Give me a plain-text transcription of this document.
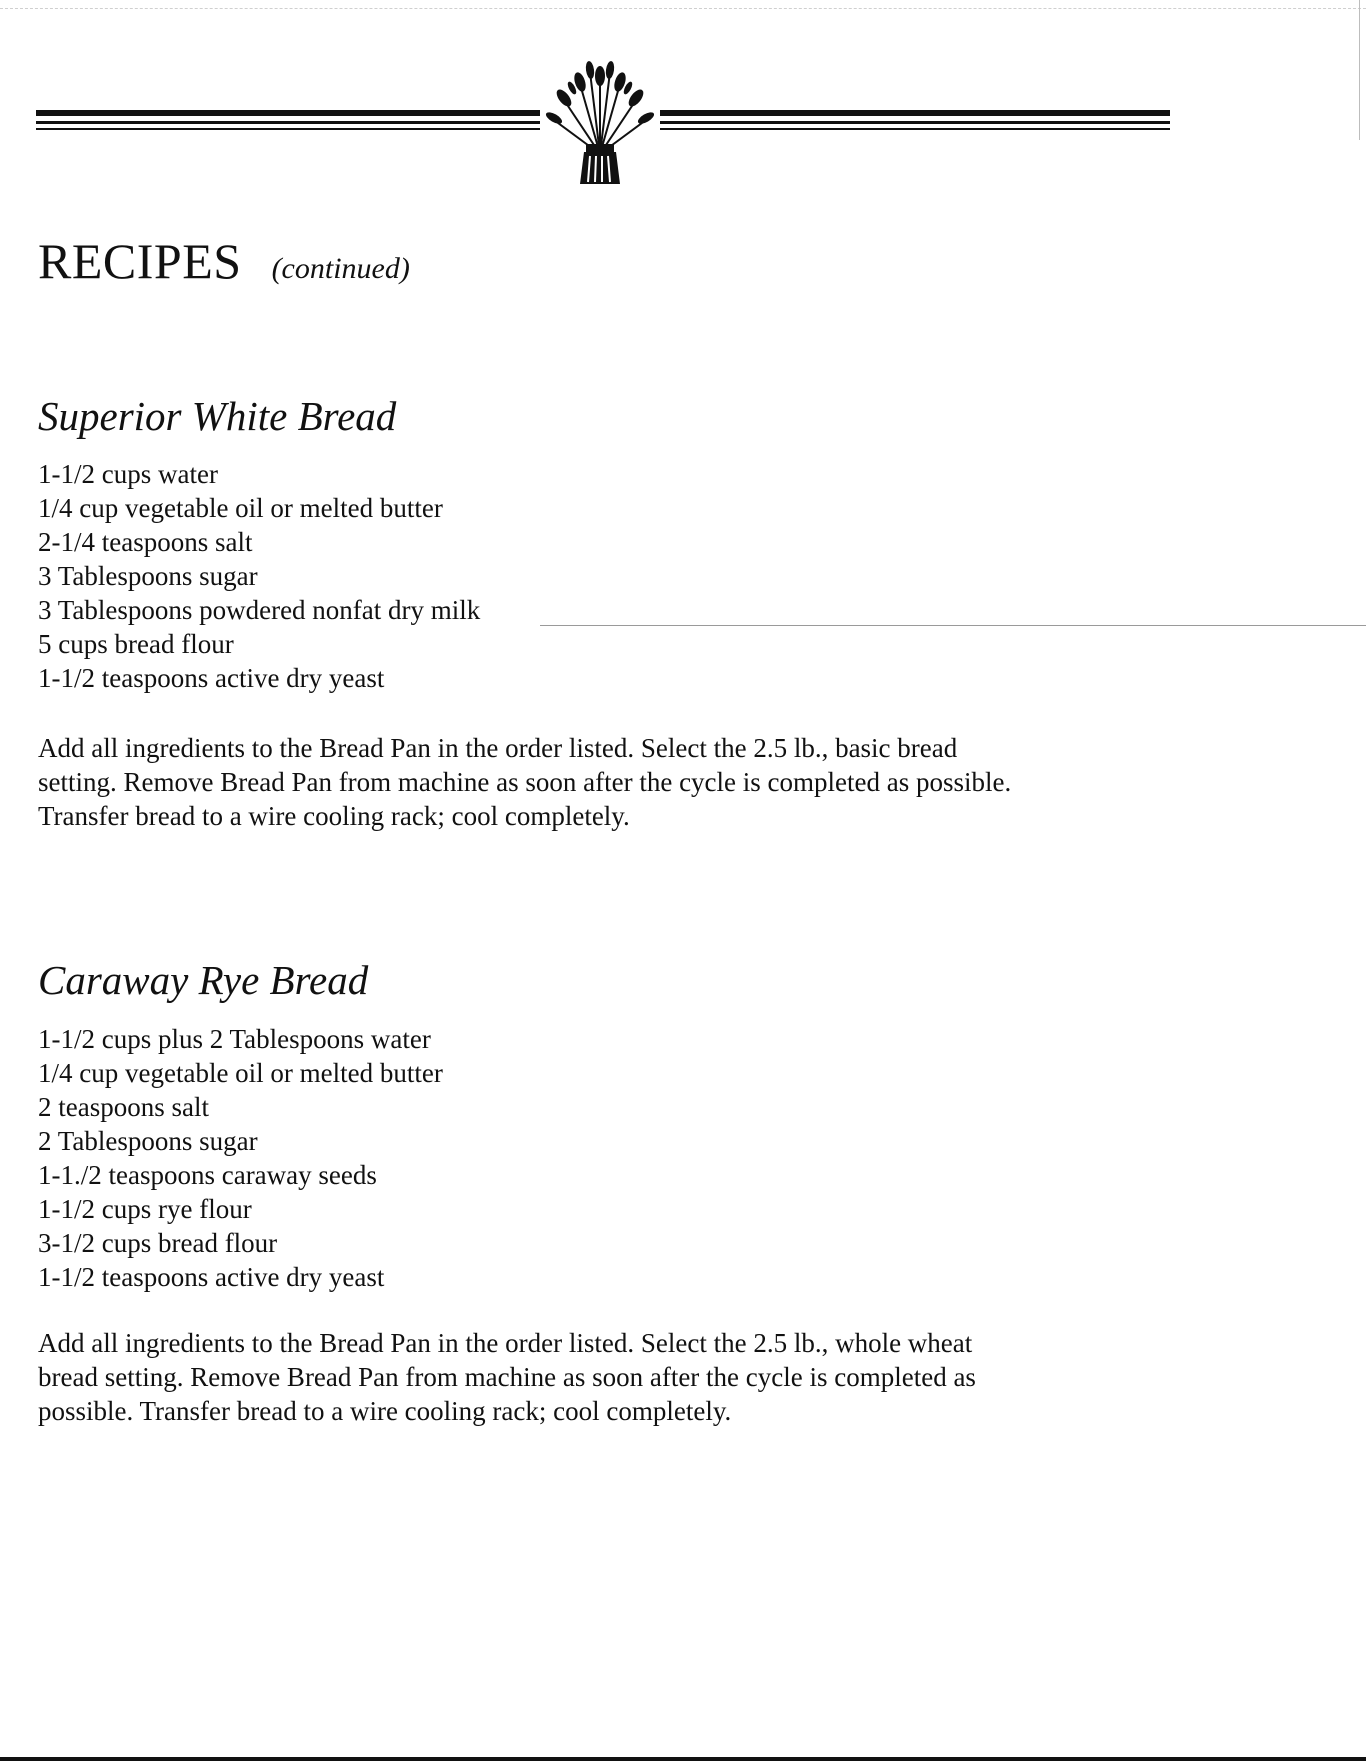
RECIPES (continued)
Superior White Bread
1-1/2 cups water
1/4 cup vegetable oil or melted butter
2-1/4 teaspoons salt
3 Tablespoons sugar
3 Tablespoons powdered nonfat dry milk
5 cups bread flour
1-1/2 teaspoons active dry yeast

Add all ingredients to the Bread Pan in the order listed. Select the 2.5 lb., basic bread setting. Remove Bread Pan from machine as soon after the cycle is completed as possible. Transfer bread to a wire cooling rack; cool completely.

Caraway Rye Bread
1-1/2 cups plus 2 Tablespoons water
1/4 cup vegetable oil or melted butter
2 teaspoons salt
2 Tablespoons sugar
1-1./2 teaspoons caraway seeds
1-1/2 cups rye flour
3-1/2 cups bread flour
1-1/2 teaspoons active dry yeast

Add all ingredients to the Bread Pan in the order listed. Select the 2.5 lb., whole wheat bread setting. Remove Bread Pan from machine as soon after the cycle is completed as possible. Transfer bread to a wire cooling rack; cool completely.
